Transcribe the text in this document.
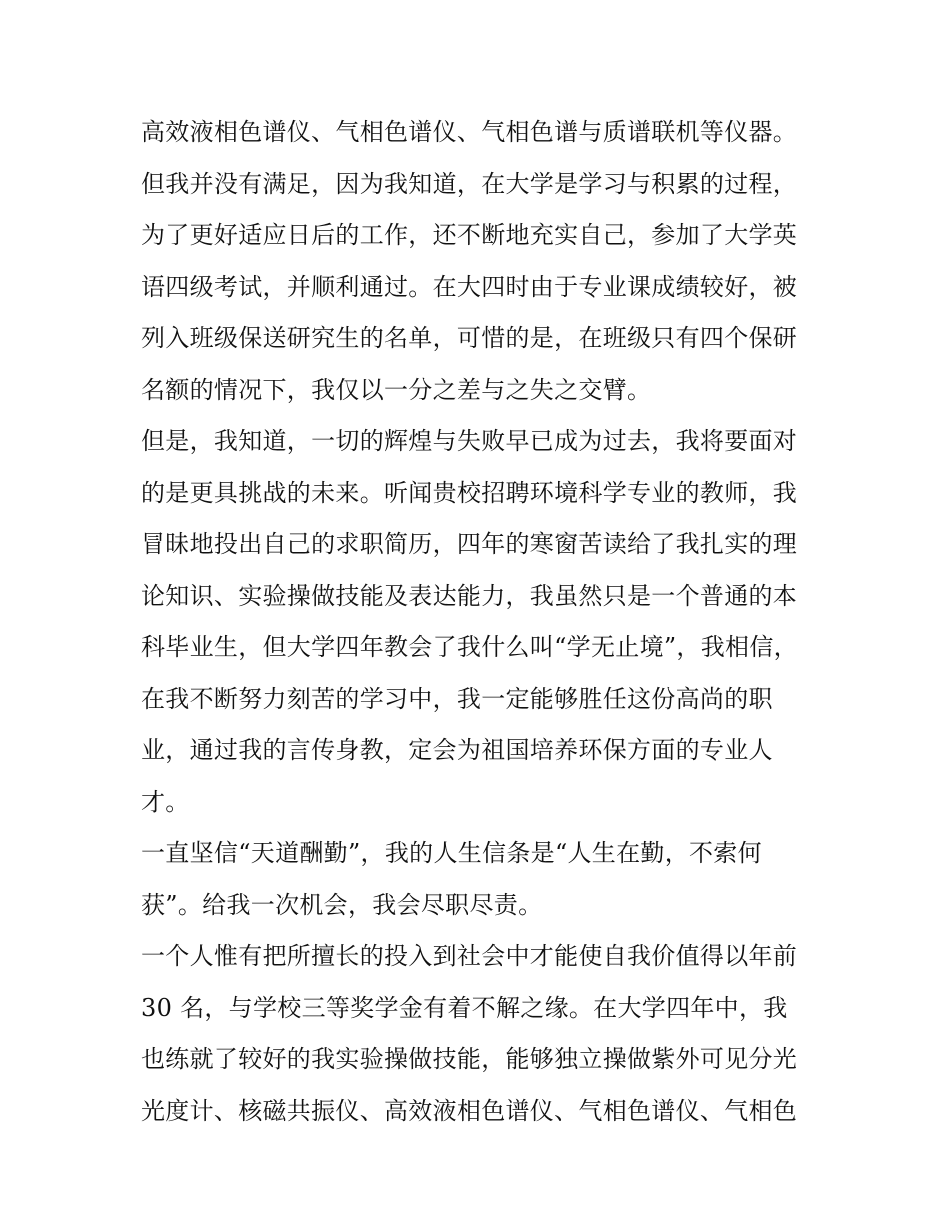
高效液相色谱仪、气相色谱仪、气相色谱与质谱联机等仪器。
但我并没有满足，因为我知道，在大学是学习与积累的过程，
为了更好适应日后的工作，还不断地充实自己，参加了大学英
语四级考试，并顺利通过。在大四时由于专业课成绩较好，被
列入班级保送研究生的名单，可惜的是，在班级只有四个保研
名额的情况下，我仅以一分之差与之失之交臂。
但是，我知道，一切的辉煌与失败早已成为过去，我将要面对
的是更具挑战的未来。听闻贵校招聘环境科学专业的教师，我
冒昧地投出自己的求职简历，四年的寒窗苦读给了我扎实的理
论知识、实验操做技能及表达能力，我虽然只是一个普通的本
科毕业生，但大学四年教会了我什么叫“学无止境”，我相信，
在我不断努力刻苦的学习中，我一定能够胜任这份高尚的职
业，通过我的言传身教，定会为祖国培养环保方面的专业人
才。
一直坚信“天道酬勤”，我的人生信条是“人生在勤，不索何
获”。给我一次机会，我会尽职尽责。
一个人惟有把所擅长的投入到社会中才能使自我价值得以年前
30 名，与学校三等奖学金有着不解之缘。在大学四年中，我
也练就了较好的我实验操做技能，能够独立操做紫外可见分光
光度计、核磁共振仪、高效液相色谱仪、气相色谱仪、气相色
